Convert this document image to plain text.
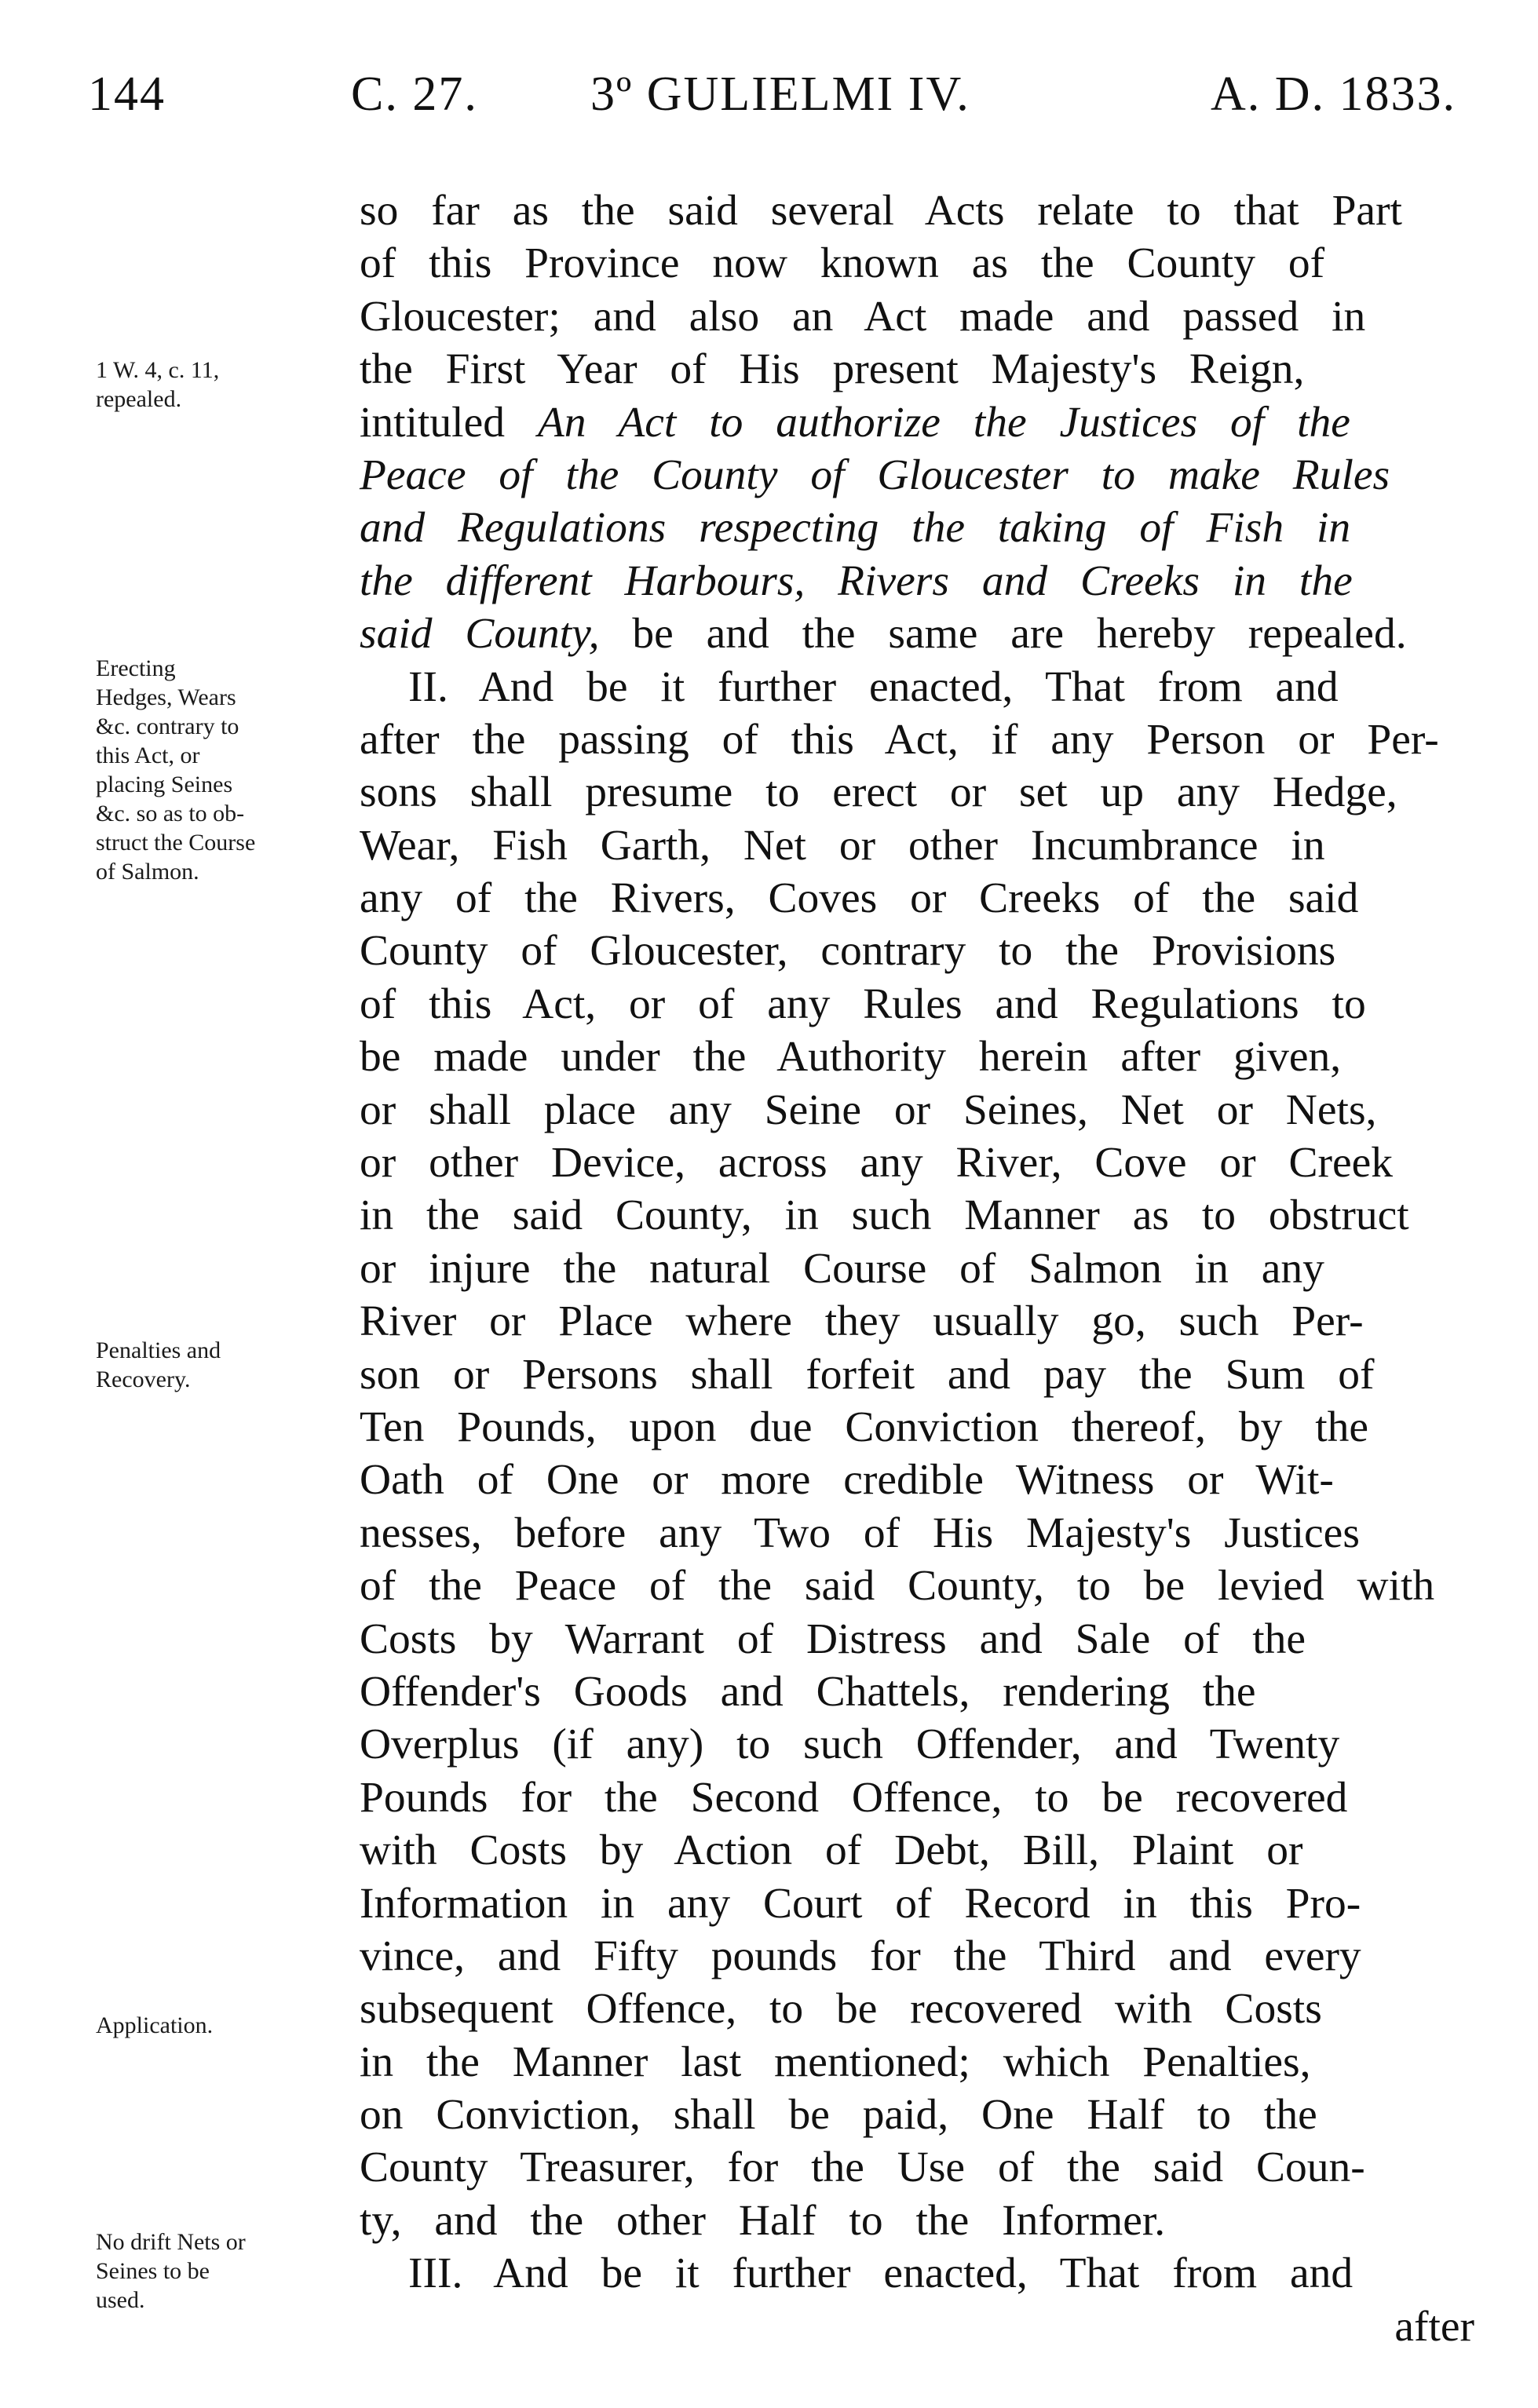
144	C. 27. 3º GULIELMI IV.	A. D. 1833.
1 W. 4, c. 11,
repealed.
Erecting
Hedges, Wears
&c. contrary to
this Act, or
placing Seines
&c. so as to ob-
struct the Course
of Salmon.
Penalties and
Recovery.
Application.
No drift Nets or
Seines to be
used.
so far as the said several Acts relate to that Part
of this Province now known as the County of
Gloucester; and also an Act made and passed in
the First Year of His present Majesty's Reign,
intituled An Act to authorize the Justices of the
Peace of the County of Gloucester to make Rules
and Regulations respecting the taking of Fish in
the different Harbours, Rivers and Creeks in the
said County, be and the same are hereby repealed.
II. And be it further enacted, That from and
after the passing of this Act, if any Person or Per-
sons shall presume to erect or set up any Hedge,
Wear, Fish Garth, Net or other Incumbrance in
any of the Rivers, Coves or Creeks of the said
County of Gloucester, contrary to the Provisions
of this Act, or of any Rules and Regulations to
be made under the Authority herein after given,
or shall place any Seine or Seines, Net or Nets,
or other Device, across any River, Cove or Creek
in the said County, in such Manner as to obstruct
or injure the natural Course of Salmon in any
River or Place where they usually go, such Per-
son or Persons shall forfeit and pay the Sum of
Ten Pounds, upon due Conviction thereof, by the
Oath of One or more credible Witness or Wit-
nesses, before any Two of His Majesty's Justices
of the Peace of the said County, to be levied with
Costs by Warrant of Distress and Sale of the
Offender's Goods and Chattels, rendering the
Overplus (if any) to such Offender, and Twenty
Pounds for the Second Offence, to be recovered
with Costs by Action of Debt, Bill, Plaint or
Information in any Court of Record in this Pro-
vince, and Fifty pounds for the Third and every
subsequent Offence, to be recovered with Costs
in the Manner last mentioned; which Penalties,
on Conviction, shall be paid, One Half to the
County Treasurer, for the Use of the said Coun-
ty, and the other Half to the Informer.
III. And be it further enacted, That from and
after
